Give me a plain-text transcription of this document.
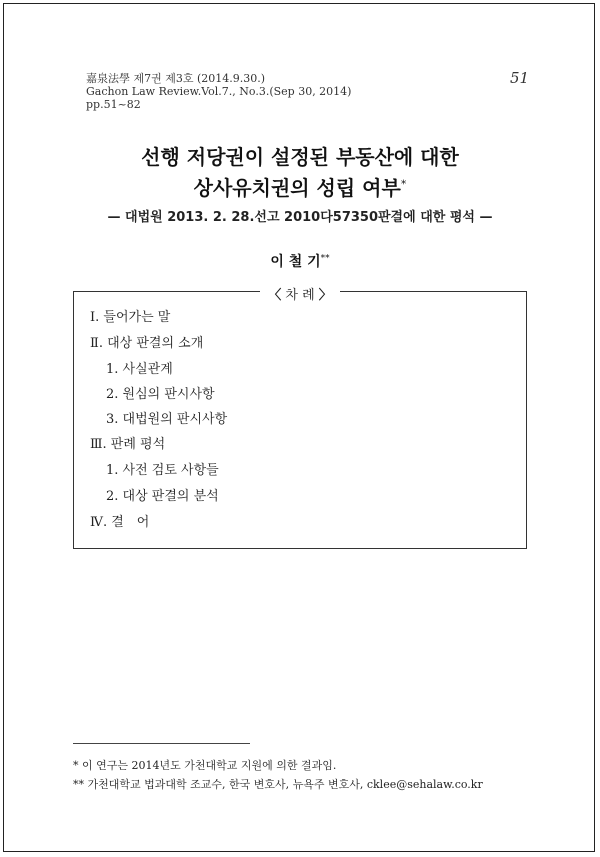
嘉泉法學 제7권 제3호 (2014.9.30.)
Gachon Law Review.Vol.7., No.3.(Sep 30, 2014)
pp.51~82
51
선행 저당권이 설정된 부동산에 대한
상사유치권의 성립 여부*
— 대법원 2013. 2. 28.선고 2010다57350판결에 대한 평석 —
이 철 기**
〈 차 례 〉
Ⅰ. 들어가는 말
Ⅱ. 대상 판결의 소개
1. 사실관계
2. 원심의 판시사항
3. 대법원의 판시사항
Ⅲ. 판례 평석
1. 사전 검토 사항들
2. 대상 판결의 분석
Ⅳ. 결　어
* 이 연구는 2014년도 가천대학교 지원에 의한 결과임.
** 가천대학교 법과대학 조교수, 한국 변호사, 뉴욕주 변호사, cklee@sehalaw.co.kr
